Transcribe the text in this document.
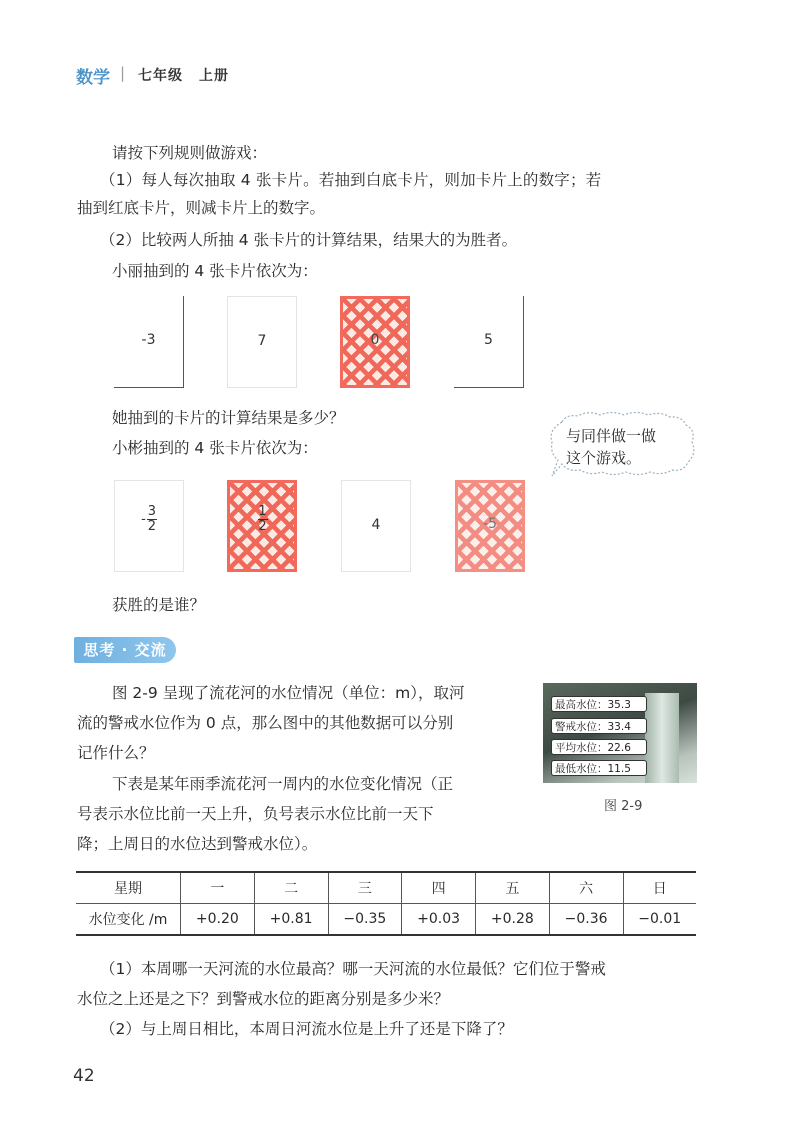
数学 | 七年级 上册
请按下列规则做游戏：
（1）每人每次抽取 4 张卡片。若抽到白底卡片，则加卡片上的数字；若
抽到红底卡片，则减卡片上的数字。
（2）比较两人所抽 4 张卡片的计算结果，结果大的为胜者。
小丽抽到的 4 张卡片依次为：
-3	7	0	5
她抽到的卡片的计算结果是多少？
小彬抽到的 4 张卡片依次为：
与同伴做一做
这个游戏。
-
3
2
1
2	4	-5
获胜的是谁？
思考 · 交流
图 2-9 呈现了流花河的水位情况（单位：m），取河
流的警戒水位作为 0 点，那么图中的其他数据可以分别
记作什么？
下表是某年雨季流花河一周内的水位变化情况（正
号表示水位比前一天上升，负号表示水位比前一天下
降；上周日的水位达到警戒水位）。
最高水位：35.3
警戒水位：33.4
平均水位：22.6
最低水位：11.5
图 2-9
星期	一	二	三	四	五	六	日
水位变化 /m	+0.20	+0.81	−0.35	+0.03	+0.28	−0.36	−0.01
（1）本周哪一天河流的水位最高？哪一天河流的水位最低？它们位于警戒
水位之上还是之下？到警戒水位的距离分别是多少米？
（2）与上周日相比，本周日河流水位是上升了还是下降了？
42
